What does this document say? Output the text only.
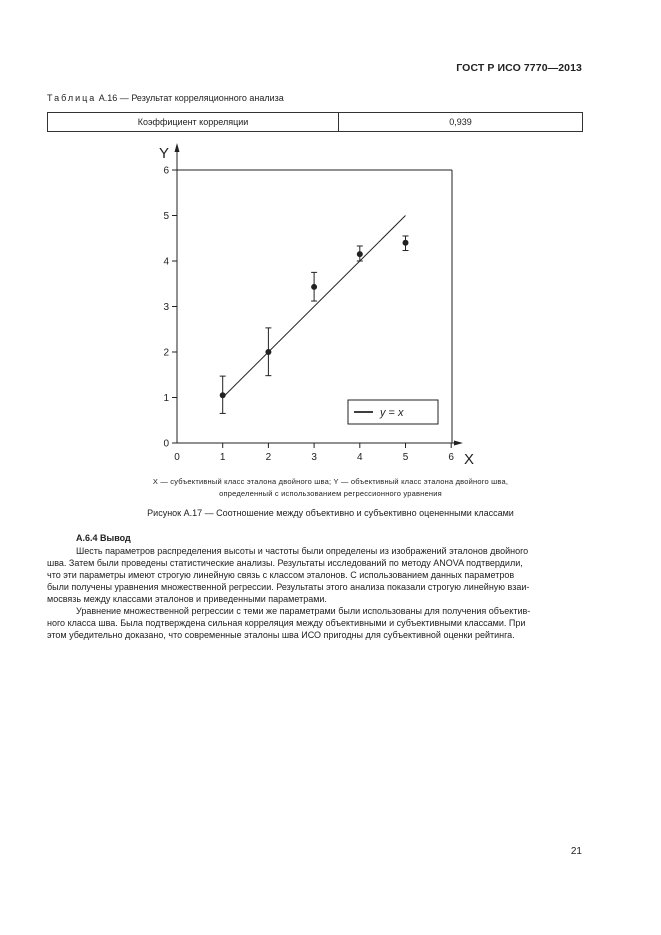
ГОСТ Р ИСО 7770—2013
Таблица А.16 — Результат корреляционного анализа
Коэффициент корреляции	0,939
Y
X
0	1	2	3	4	5	6
0
1
2
3
4
5
6
y = x
X — субъективный класс эталона двойного шва; Y — объективный класс эталона двойного шва,
определенный с использованием регрессионного уравнения
Рисунок А.17 — Соотношение между объективно и субъективно оцененными классами
А.6.4 Вывод
Шесть параметров распределения высоты и частоты были определены из изображений эталонов двойного
шва. Затем были проведены статистические анализы. Результаты исследований по методу ANOVA подтвердили,
что эти параметры имеют строгую линейную связь с классом эталонов. С использованием данных параметров
были получены уравнения множественной регрессии. Результаты этого анализа показали строгую линейную взаи-
мосвязь между классами эталонов и приведенными параметрами.
Уравнение множественной регрессии с теми же параметрами были использованы для получения объектив-
ного класса шва. Была подтверждена сильная корреляция между объективными и субъективными классами. При
этом убедительно доказано, что современные эталоны шва ИСО пригодны для субъективной оценки рейтинга.
21
